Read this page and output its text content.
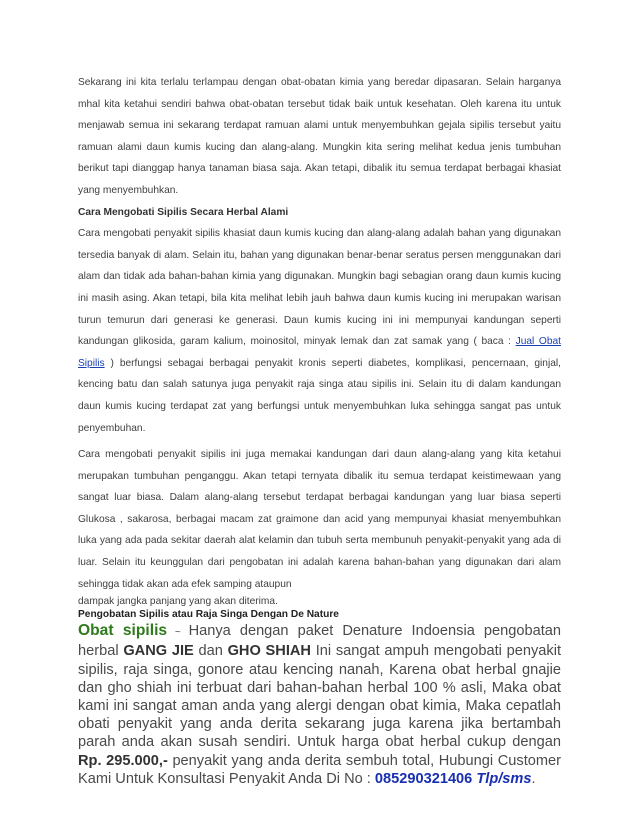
Sekarang ini kita terlalu terlampau dengan obat-obatan kimia yang beredar dipasaran. Selain harganya mhal kita ketahui sendiri bahwa obat-obatan tersebut tidak baik untuk kesehatan. Oleh karena itu untuk menjawab semua ini sekarang terdapat ramuan alami untuk menyembuhkan gejala sipilis tersebut yaitu ramuan alami daun kumis kucing dan alang-alang. Mungkin kita sering melihat kedua jenis tumbuhan berikut tapi dianggap hanya tanaman biasa saja. Akan tetapi, dibalik itu semua terdapat berbagai khasiat yang menyembuhkan.

Cara Mengobati Sipilis Secara Herbal Alami

Cara mengobati penyakit sipilis khasiat daun kumis kucing dan alang-alang adalah bahan yang digunakan tersedia banyak di alam. Selain itu, bahan yang digunakan benar-benar seratus persen menggunakan dari alam dan tidak ada bahan-bahan kimia yang digunakan. Mungkin bagi sebagian orang daun kumis kucing ini masih asing. Akan tetapi, bila kita melihat lebih jauh bahwa daun kumis kucing ini merupakan warisan turun temurun dari generasi ke generasi. Daun kumis kucing ini ini mempunyai kandungan seperti kandungan glikosida, garam kalium, moinositol, minyak lemak dan zat samak yang ( baca : Jual Obat Sipilis ) berfungsi sebagai berbagai penyakit kronis seperti diabetes, komplikasi, pencernaan, ginjal, kencing batu dan salah satunya juga penyakit raja singa atau sipilis ini. Selain itu di dalam kandungan daun kumis kucing terdapat zat yang berfungsi untuk menyembuhkan luka sehingga sangat pas untuk penyembuhan.

Cara mengobati penyakit sipilis ini juga memakai kandungan dari daun alang-alang yang kita ketahui merupakan tumbuhan penganggu. Akan tetapi ternyata dibalik itu semua terdapat keistimewaan yang sangat luar biasa. Dalam alang-alang tersebut terdapat berbagai kandungan yang luar biasa seperti Glukosa , sakarosa, berbagai macam zat graimone dan acid yang mempunyai khasiat menyembuhkan luka yang ada pada sekitar daerah alat kelamin dan tubuh serta membunuh penyakit-penyakit yang ada di luar. Selain itu keunggulan dari pengobatan ini adalah karena bahan-bahan yang digunakan dari alam sehingga tidak akan ada efek samping ataupun

dampak jangka panjang yang akan diterima.

Pengobatan Sipilis atau Raja Singa Dengan De Nature

Obat sipilis ~ Hanya dengan paket Denature Indoensia pengobatan herbal GANG JIE dan GHO SHIAH Ini sangat ampuh mengobati penyakit sipilis, raja singa, gonore atau kencing nanah, Karena obat herbal gnajie dan gho shiah ini terbuat dari bahan-bahan herbal 100 % asli, Maka obat kami ini sangat aman anda yang alergi dengan obat kimia, Maka cepatlah obati penyakit yang anda derita sekarang juga karena jika bertambah parah anda akan susah sendiri. Untuk harga obat herbal cukup dengan Rp. 295.000,- penyakit yang anda derita sembuh total, Hubungi Customer Kami Untuk Konsultasi Penyakit Anda Di No : 085290321406 Tlp/sms.
